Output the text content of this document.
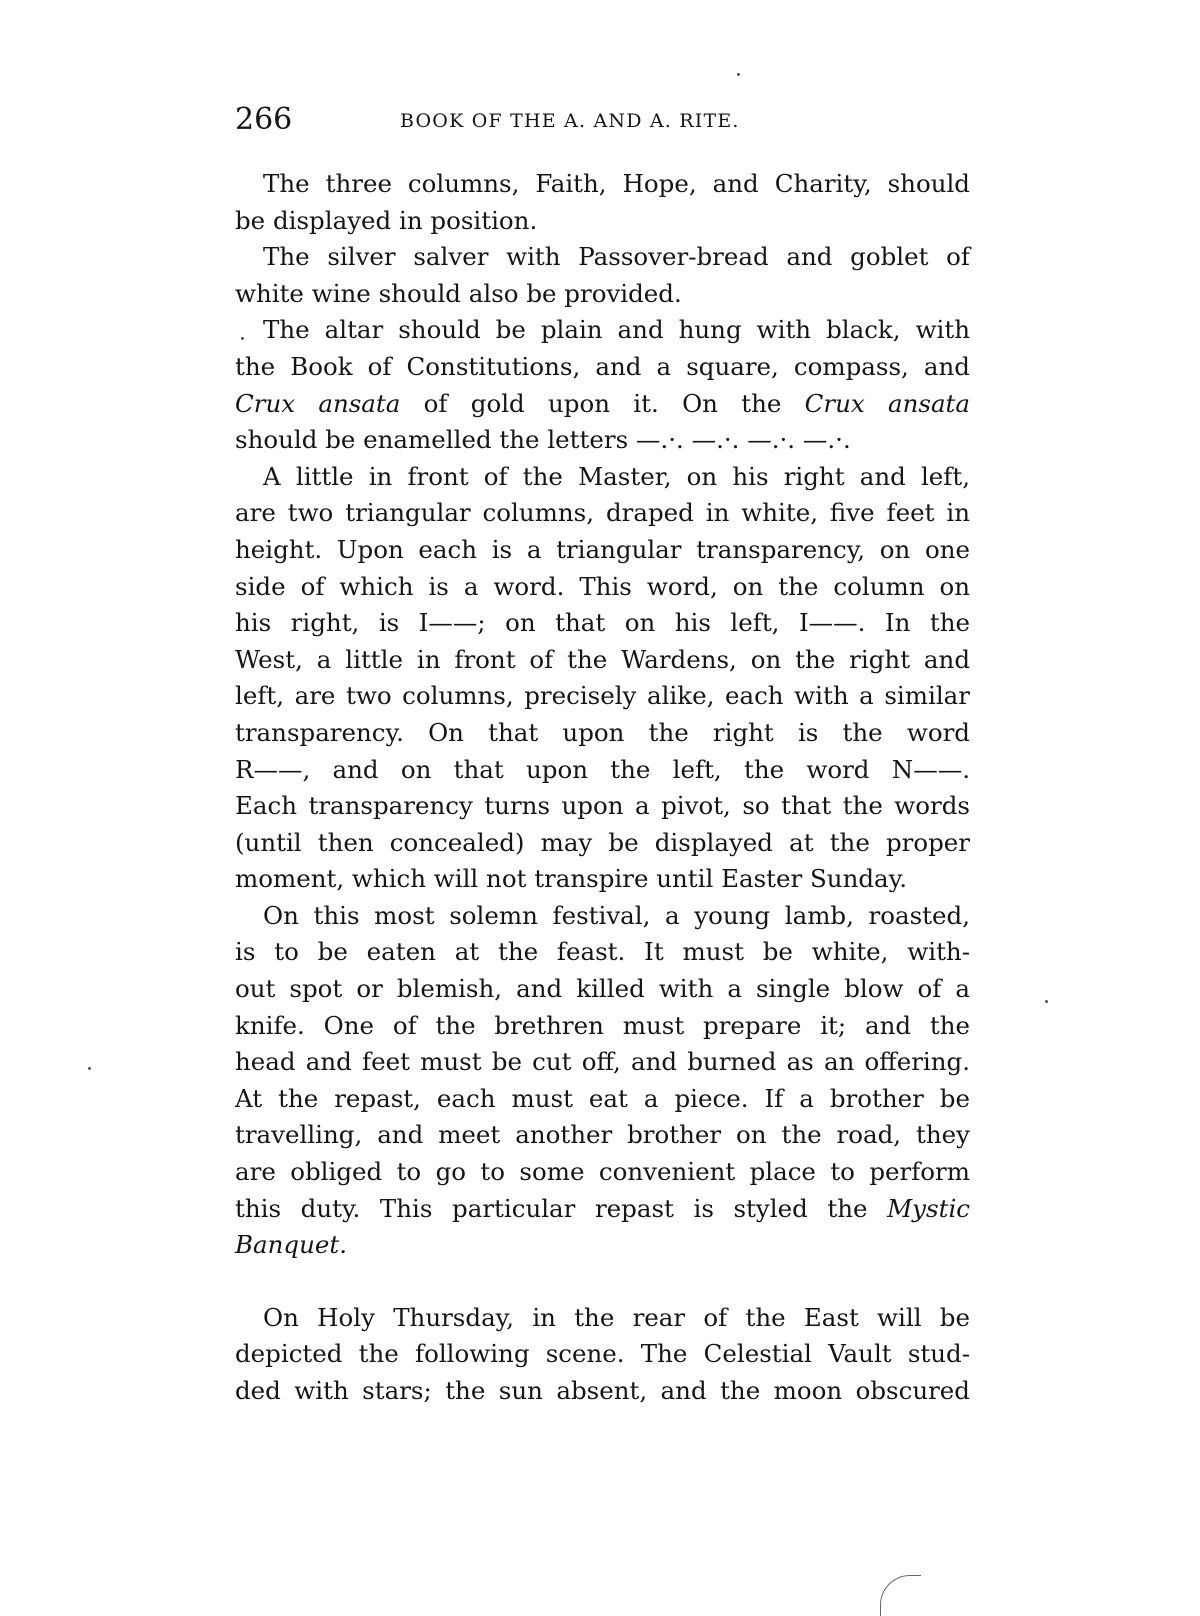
266	BOOK OF THE A. AND A. RITE.
The three columns, Faith, Hope, and Charity, should
be displayed in position.
The silver salver with Passover-bread and goblet of
white wine should also be provided.
The altar should be plain and hung with black, with
the Book of Constitutions, and a square, compass, and
Crux ansata of gold upon it. On the Crux ansata
should be enamelled the letters —.·. —.·. —.·. —.·.
A little in front of the Master, on his right and left,
are two triangular columns, draped in white, five feet in
height. Upon each is a triangular transparency, on one
side of which is a word. This word, on the column on
his right, is I——; on that on his left, I——. In the
West, a little in front of the Wardens, on the right and
left, are two columns, precisely alike, each with a similar
transparency. On that upon the right is the word
R——, and on that upon the left, the word N——.
Each transparency turns upon a pivot, so that the words
(until then concealed) may be displayed at the proper
moment, which will not transpire until Easter Sunday.
On this most solemn festival, a young lamb, roasted,
is to be eaten at the feast. It must be white, with-
out spot or blemish, and killed with a single blow of a
knife. One of the brethren must prepare it; and the
head and feet must be cut off, and burned as an offering.
At the repast, each must eat a piece. If a brother be
travelling, and meet another brother on the road, they
are obliged to go to some convenient place to perform
this duty. This particular repast is styled the Mystic
Banquet.
On Holy Thursday, in the rear of the East will be
depicted the following scene. The Celestial Vault stud-
ded with stars; the sun absent, and the moon obscured
